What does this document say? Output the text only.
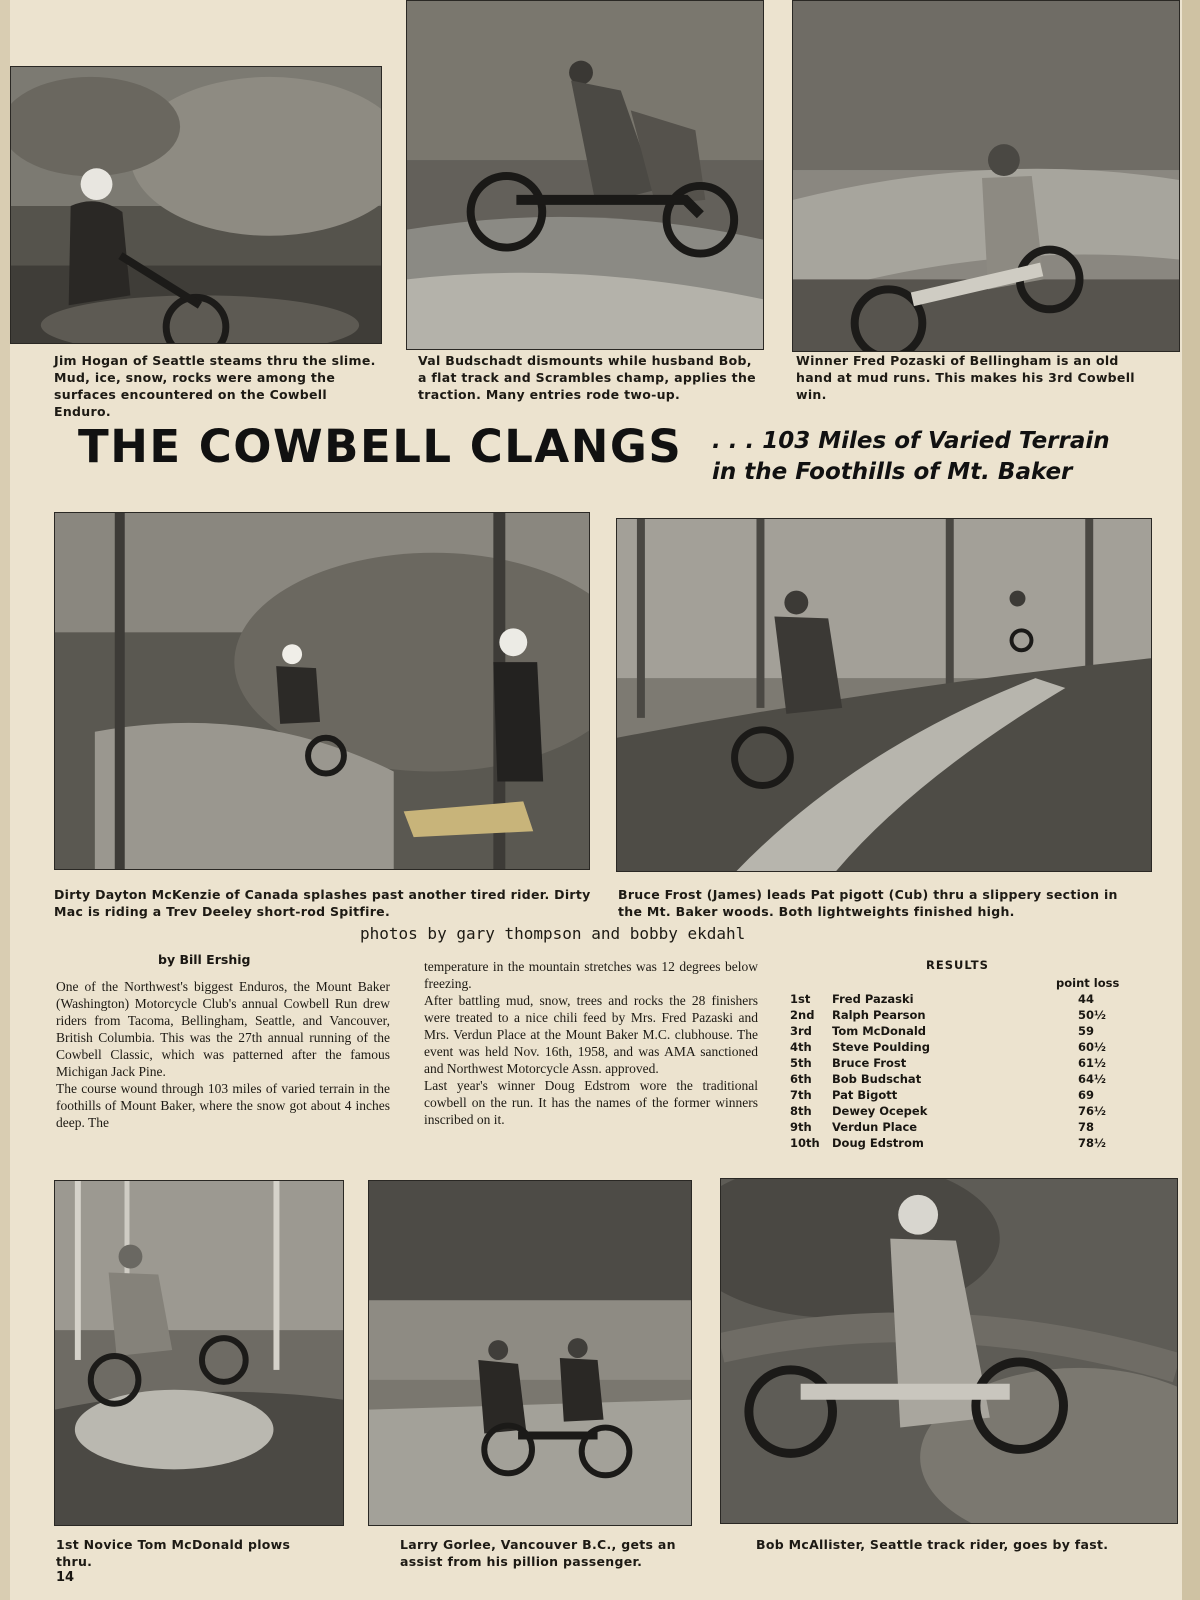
Jim Hogan of Seattle steams thru the slime. Mud, ice, snow, rocks were among the surfaces encountered on the Cowbell Enduro.
Val Budschadt dismounts while husband Bob, a flat track and Scrambles champ, applies the traction. Many entries rode two-up.
Winner Fred Pozaski of Bellingham is an old hand at mud runs. This makes his 3rd Cowbell win.
THE COWBELL CLANGS . . . 103 Miles of Varied Terrain
in the Foothills of Mt. Baker
Dirty Dayton McKenzie of Canada splashes past another tired rider. Dirty Mac is riding a Trev Deeley short-rod Spitfire.
Bruce Frost (James) leads Pat pigott (Cub) thru a slippery section in the Mt. Baker woods. Both lightweights finished high.
photos by gary thompson and bobby ekdahl
by Bill Ershig

One of the Northwest's biggest Enduros, the Mount Baker (Washington) Motorcycle Club's annual Cowbell Run drew riders from Tacoma, Bellingham, Seattle, and Vancouver, British Columbia. This was the 27th annual running of the Cowbell Classic, which was patterned after the famous Michigan Jack Pine.

The course wound through 103 miles of varied terrain in the foothills of Mount Baker, where the snow got about 4 inches deep. The

temperature in the mountain stretches was 12 degrees below freezing.

After battling mud, snow, trees and rocks the 28 finishers were treated to a nice chili feed by Mrs. Fred Pazaski and Mrs. Verdun Place at the Mount Baker M.C. clubhouse. The event was held Nov. 16th, 1958, and was AMA sanctioned and Northwest Motorcycle Assn. approved.

Last year's winner Doug Edstrom wore the traditional cowbell on the run. It has the names of the former winners inscribed on it.

RESULTS
point loss
1st Fred Pazaski	44
2nd Ralph Pearson	50½
3rd Tom McDonald	59
4th Steve Poulding	60½
5th Bruce Frost	61½
6th Bob Budschat	64½
7th Pat Bigott	69
8th Dewey Ocepek	76½
9th Verdun Place	78
10th Doug Edstrom	78½
1st Novice Tom McDonald plows thru.
Larry Gorlee, Vancouver B.C., gets an assist from his pillion passenger.
Bob McAllister, Seattle track rider, goes by fast.
14
